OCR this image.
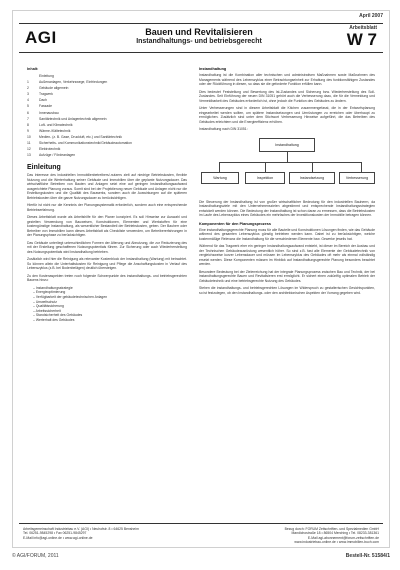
April 2007
AGI	Bauen und Revitalisieren
Instandhaltungs- und betriebsgerecht
Arbeitsblatt
W 7
Inhalt:
Einleitung
1	Außenanlagen, Verkehrswege, Einfriedungen
2	Gebäude allgemein
3	Tragwerk
4	Dach
5	Fassade
6	Innenausbau
7	Sanitärtechnik und Anlagentechnik allgemein
8	Luft- und Klimatechnik
9	Wärme-/Kältetechnik
10	Medien- (z. B. Gase, Druckluft, etc.) und Sanitärtechnik
11	Sicherheits- und Kommunikationstechnik/Gebäudeautomation
12	Elektrotechnik
13	Aufzüge / Fördeanlagen
Einleitung

Das Interesse des industriellen Immobilienbetreibers/-nutzers zielt auf niedrige Betriebskosten, flexible Nutzung und die Werterhaltung seiner Gebäude und Immobilien über die geplante Nutzungsdauer. Das wirtschaftliche Betreiben von Bauten und Anlagen setzt eine auf geringen Instandhaltungsaufwand ausgerichtete Planung voraus. Somit sind bei der Projektierung neuer Gebäude und Anlagen nicht nur die Erstellungskosten und die Qualität des Bauwerks, sondern auch die Auswirkungen auf die späteren Betriebskosten über die ganze Nutzungsdauer zu berücksichtigen.

Hierfür ist nicht nur die Kenntnis der Planungssystematik erforderlich, sondern auch eine entsprechende Betriebserfahrung.

Dieses Arbeitsblatt wurde als Arbeitshilfe für den Planer konzipiert. Es soll Hinweise zur Auswahl und gezielten Verwendung von Bauweisen, Konstruktionen, Elementen und Werkstoffen für eine kostengünstige Instandhaltung, als wesentlicher Bestandteil der Betriebskosten, geben. Der Bauherr oder Betreiber von Immobilien kann dieses Arbeitsblatt als Checkliste verwenden, um Betreibererfahrungen in der Planungsphase zu berücksichtigen.

Das Gebäude unterliegt unterschiedlichen Formen der Alterung und Abnutzung, die zur Reduzierung des mit der Erstellung geschaffenen Nutzungspotentials führen. Zur Sicherung oder auch Wiederherstellung des Nutzungspotentials wird Instandhaltung betrieben.

Zusätzlich wird hier die Reinigung als relevanter Kostenblock der Instandhaltung (Wartung) mit betrachtet. So können allein die Unterhaltskosten für Reinigung und Pflege die Anschaffungskosten in Verlauf des Lebenszyklus (z.B. bei Bodenbelägen) deutlich übersteigen.

Zu den Kostenaspekten treten noch folgende Schwerpunkte des instandhaltungs- und betriebsgerechten Bauens hinzu:

– Instandhaltungsstrategie
– Energieoptimierung
– Verfügbarkeit der gebäudetechnischen Anlagen
– Umweltschutz
– Qualitätssicherung
– Arbeitssicherheit
– Standsicherheit des Gebäudes
– Werterhalt des Gebäudes
Instandhaltung

Instandhaltung ist die Kombination aller technischen und administrativen Maßnahmen sowie Maßnahmen des Managements während des Lebenszyklus einer Betrachtungseinheit zur Erhaltung des funktionsfähigen Zustandes oder der Rückführung in diesen, so dass sie die geforderte Funktion erfüllen kann.

Dies bedeutet Feststellung und Bewertung des Ist-Zustandes und Sicherung bzw. Wiederherstellung des Soll-Zustandes. Seit Einführung der neuen DIN 31051 gehört auch die Verbesserung dazu, die für die Vermeidung und Vermeidbarkeit des Gebäudes erforderlich ist, ohne jedoch die Funktion des Gebäudes zu ändern.

Unter Verbesserungen sind in diesem Arbeitsblatt die Kitchen zusammengefasst, die in der Entwurfsplanung eingearbeitet werden sollten, um spätere Instandsetzungen und Umrüstungen zu erreichen oder überhaupt zu ermöglichen. Zusätzlich sind unter dem Stichwort Verbesserung Hinweise aufgeführt, die das Betreiben des Gebäudes erleichtern und die Energieeffizienz erhöhen.

Instandhaltung nach DIN 31051:

Instandhaltung
Wartung	Inspektion	Instandsetzung	Verbesserung

Die Steuerung der Instandhaltung ist von großer wirtschaftlicher Bedeutung für den industriellen Bauherrn, da Instandhaltungsziele mit den Unternehmenszielen abgestimmt und entsprechende Instandhaltungsstrategien entwickelt werden können. Die Bedeutung der Instandhaltung ist schon daran zu ermessen, dass die Betriebskosten im Laufe des Lebenszyklus eines Gebäudes ein mehrfaches der Investitionskosten der Immobilie betragen können.

Komponenten für den Planungsprozess

Eine instandhaltungsgerechte Planung muss für alle Bauteile und Konstruktionen Lösungen finden, wie das Gebäude während des gesamten Lebenszyklus günstig betrieben werden kann. Dabei ist zu berücksichtigen, welche kostenmäßige Relevanz die Instandhaltung für die verschiedenen Elemente bzw. Gewerke jeweils hat.

Während für das Tragwerk eher ein geringer Instandhaltungsaufwand entsteht, ist dieser im Bereich der Ausbau und der Technischen Gebäudeausrüstung wesentlich höher. So sind z.B. fast alle Elemente der Gebäudetechnik von vergleichsweise kurzer Lebensdauer und müssen im Lebenszyklus des Gebäudes oft mehr als einmal vollständig ersetzt werden. Diese Komponenten müssen im Hinblick auf Instandhaltungsgerechte Planung besonders beachtet werden.

Besondere Bedeutung bei der Zielerreichung hat der integrale Planungsprozess zwischen Bau und Technik, der bei instandhaltungsgerechte Bauen und Revitalisieren erst ermöglicht. Er sichert einen zukünftig optimalen Betrieb der Gebäudetechnik und eine betriebsgerechte Nutzung des Gebäudes.

Stehen die instandhaltungs- und betriebsgerechten Lösungen im Widerspruch zu gestalterischen Gesichtspunkten, so ist festzulegen, ob den Instandhaltungs- oder den architektonischen Aspekten der Vorrang gegeben wird.

Arbeitsgemeinschaft Industriebau e.V. (AGI) • Neuhofstr. 8 • 64625 Bensheim
Tel. 06251-9845298 • Fax 06251-9845297
E-Mail info@agi-online.de • www.agi-online.de
Bezug durch: FORUM Zeitschriften- und Spezialmedien GmbH
Mandichostraße 18 • 86504 Merching • Tel. 08233-381361
E-Mail agi-abonnement@forum-zeitschriften.de
www.industriebau-online.de • www.immobilien-buch.com
© AGI/FORUM, 2011	Bestell-Nr. 51584/1
